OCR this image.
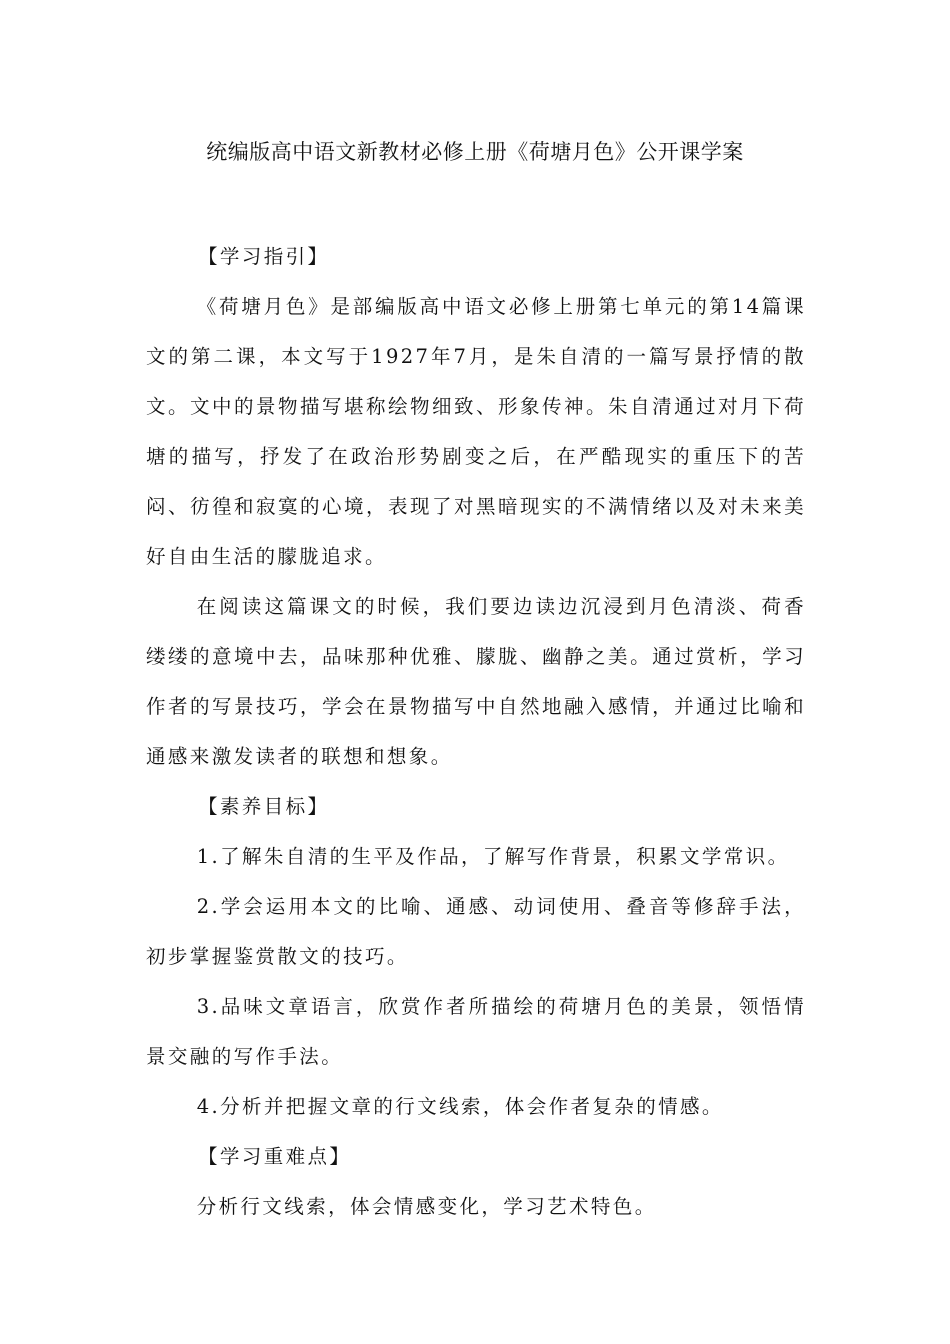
统编版高中语文新教材必修上册《荷塘月色》公开课学案

【学习指引】

《荷塘月色》是部编版高中语文必修上册第七单元的第14篇课文的第二课，本文写于1927年7月，是朱自清的一篇写景抒情的散文。文中的景物描写堪称绘物细致、形象传神。朱自清通过对月下荷塘的描写，抒发了在政治形势剧变之后，在严酷现实的重压下的苦闷、彷徨和寂寞的心境，表现了对黑暗现实的不满情绪以及对未来美好自由生活的朦胧追求。

在阅读这篇课文的时候，我们要边读边沉浸到月色清淡、荷香缕缕的意境中去，品味那种优雅、朦胧、幽静之美。通过赏析，学习作者的写景技巧，学会在景物描写中自然地融入感情，并通过比喻和通感来激发读者的联想和想象。

【素养目标】

1.了解朱自清的生平及作品，了解写作背景，积累文学常识。

2.学会运用本文的比喻、通感、动词使用、叠音等修辞手法，初步掌握鉴赏散文的技巧。

3.品味文章语言，欣赏作者所描绘的荷塘月色的美景，领悟情景交融的写作手法。

4.分析并把握文章的行文线索，体会作者复杂的情感。

【学习重难点】

分析行文线索，体会情感变化，学习艺术特色。
